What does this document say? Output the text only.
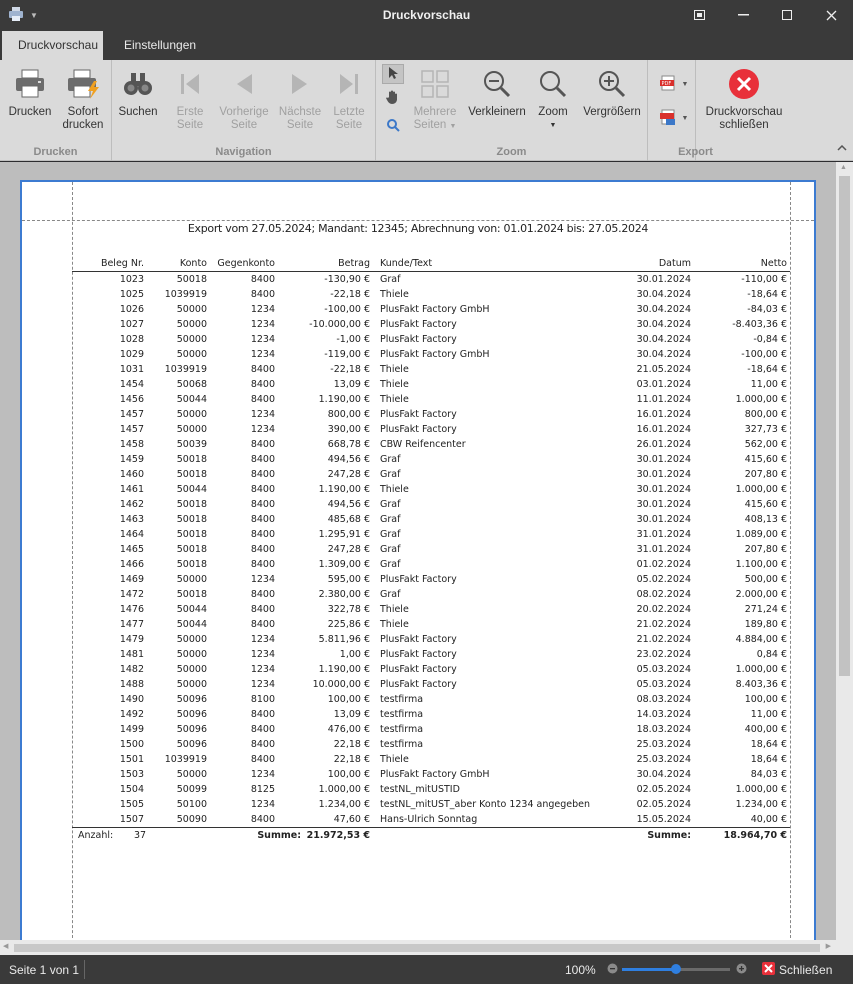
▼	Druckvorschau
Druckvorschau	Einstellungen
Drucken	Sofort
drucken
Drucken
Suchen	Erste
Seite
Vorherige
Seite
Nächste
Seite
Letzte
Seite
Navigation
Mehrere
Seiten ▼
Verkleinern	Zoom
▼
Vergrößern
Zoom
PDF ▼
▼
Export
Druckvorschau
schließen
Export vom 27.05.2024; Mandant: 12345; Abrechnung von: 01.01.2024 bis: 27.05.2024
Beleg Nr.	Konto Gegenkonto	Betrag Kunde/Text	Datum	Netto
1023	50018	8400	-130,90 € Graf	30.01.2024	-110,00 €
1025 1039919	8400	-22,18 € Thiele	30.04.2024	-18,64 €
1026	50000	1234	-100,00 € PlusFakt Factory GmbH	30.04.2024	-84,03 €
1027	50000	1234	-10.000,00 € PlusFakt Factory	30.04.2024	-8.403,36 €
1028	50000	1234	-1,00 € PlusFakt Factory	30.04.2024	-0,84 €
1029	50000	1234	-119,00 € PlusFakt Factory GmbH	30.04.2024	-100,00 €
1031 1039919	8400	-22,18 € Thiele	21.05.2024	-18,64 €
1454	50068	8400	13,09 € Thiele	03.01.2024	11,00 €
1456	50044	8400	1.190,00 € Thiele	11.01.2024	1.000,00 €
1457	50000	1234	800,00 € PlusFakt Factory	16.01.2024	800,00 €
1457	50000	1234	390,00 € PlusFakt Factory	16.01.2024	327,73 €
1458	50039	8400	668,78 € CBW Reifencenter	26.01.2024	562,00 €
1459	50018	8400	494,56 € Graf	30.01.2024	415,60 €
1460	50018	8400	247,28 € Graf	30.01.2024	207,80 €
1461	50044	8400	1.190,00 € Thiele	30.01.2024	1.000,00 €
1462	50018	8400	494,56 € Graf	30.01.2024	415,60 €
1463	50018	8400	485,68 € Graf	30.01.2024	408,13 €
1464	50018	8400	1.295,91 € Graf	31.01.2024	1.089,00 €
1465	50018	8400	247,28 € Graf	31.01.2024	207,80 €
1466	50018	8400	1.309,00 € Graf	01.02.2024	1.100,00 €
1469	50000	1234	595,00 € PlusFakt Factory	05.02.2024	500,00 €
1472	50018	8400	2.380,00 € Graf	08.02.2024	2.000,00 €
1476	50044	8400	322,78 € Thiele	20.02.2024	271,24 €
1477	50044	8400	225,86 € Thiele	21.02.2024	189,80 €
1479	50000	1234	5.811,96 € PlusFakt Factory	21.02.2024	4.884,00 €
1481	50000	1234	1,00 € PlusFakt Factory	23.02.2024	0,84 €
1482	50000	1234	1.190,00 € PlusFakt Factory	05.03.2024	1.000,00 €
1488	50000	1234	10.000,00 € PlusFakt Factory	05.03.2024	8.403,36 €
1490	50096	8100	100,00 € testfirma	08.03.2024	100,00 €
1492	50096	8400	13,09 € testfirma	14.03.2024	11,00 €
1499	50096	8400	476,00 € testfirma	18.03.2024	400,00 €
1500	50096	8400	22,18 € testfirma	25.03.2024	18,64 €
1501 1039919	8400	22,18 € Thiele	25.03.2024	18,64 €
1503	50000	1234	100,00 € PlusFakt Factory GmbH	30.04.2024	84,03 €
1504	50099	8125	1.000,00 € testNL_mitUSTID	02.05.2024	1.000,00 €
1505	50100	1234	1.234,00 € testNL_mitUST_aber Konto 1234 angegeben	02.05.2024	1.234,00 €
1507	50090	8400	47,60 € Hans-Ulrich Sonntag	15.05.2024	40,00 €
Anzahl: 37	Summe: 21.972,53 €	Summe:	18.964,70 €
▲
◀	▶
Seite 1 von 1	100%	Schließen
